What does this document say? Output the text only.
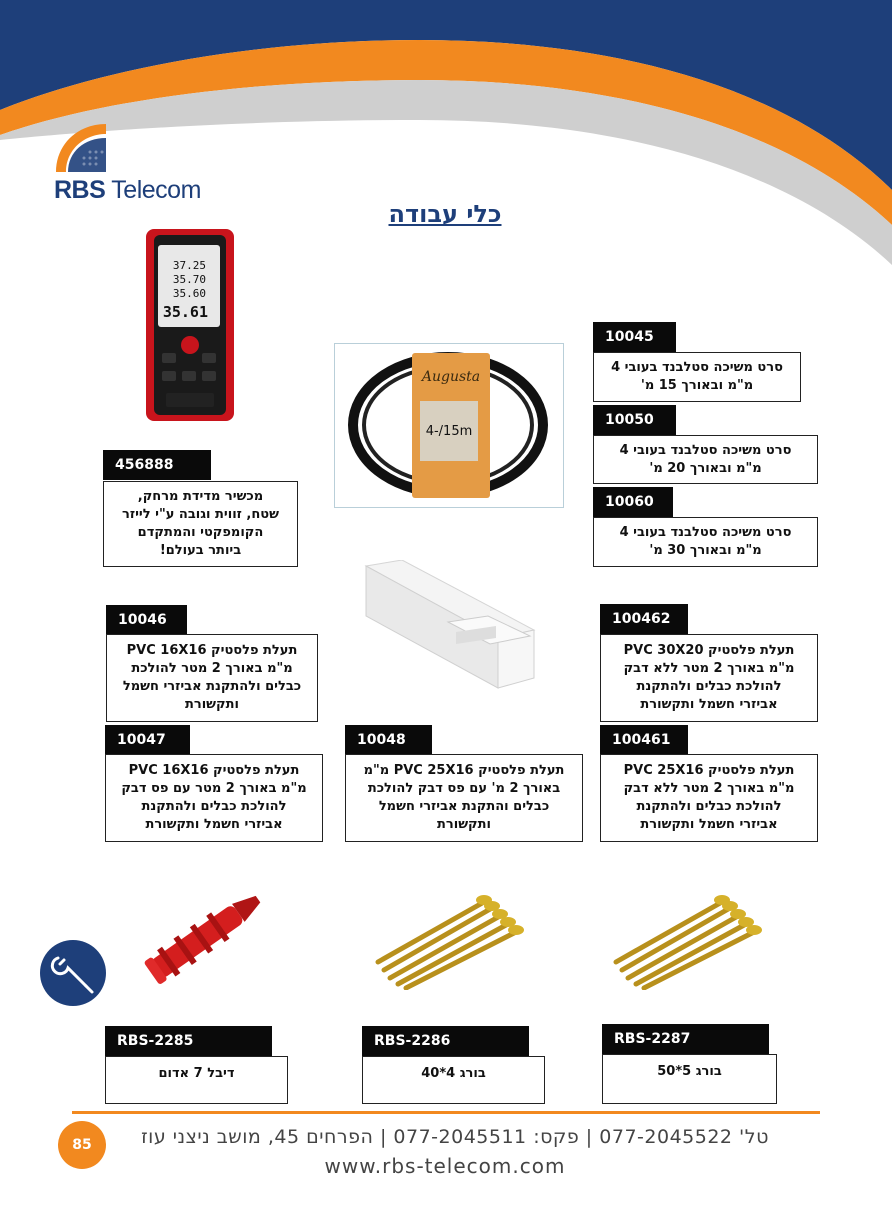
RBS Telecom
כלי עבודה
37.25
35.70
35.60
35.61
Augusta
4-/15m
456888
מכשיר מדידת מרחק,
שטח, זווית וגובה ע"י לייזר
הקומפקטי והמתקדם
ביותר בעולם!
10045
סרט משיכה סטלבנד בעובי 4
מ"מ ובאורך 15 מ'
10050
סרט משיכה סטלבנד בעובי 4
מ"מ ובאורך 20 מ'
10060
סרט משיכה סטלבנד בעובי 4
מ"מ ובאורך 30 מ'
10046
תעלת פלסטיק PVC 16X16
מ"מ באורך 2 מטר להולכת
כבלים ולהתקנת אביזרי חשמל
ותקשורת
100462
תעלת פלסטיק PVC 30X20
מ"מ באורך 2 מטר ללא דבק
להולכת כבלים ולהתקנת
אביזרי חשמל ותקשורת
10047
תעלת פלסטיק PVC 16X16
מ"מ באורך 2 מטר עם פס דבק
להולכת כבלים ולהתקנת
אביזרי חשמל ותקשורת
10048
תעלת פלסטיק PVC 25X16 מ"מ
באורך 2 מ' עם פס דבק להולכת
כבלים והתקנת אביזרי חשמל
ותקשורת
100461
תעלת פלסטיק PVC 25X16
מ"מ באורך 2 מטר ללא דבק
להולכת כבלים ולהתקנת
אביזרי חשמל ותקשורת
RBS-2285
דיבל 7 אדום
RBS-2286
בורג 4*40
RBS-2287
בורג 5*50
85	טל' 077-2045522 | פקס: 077-2045511 | הפרחים 45, מושב ניצני עוז
www.rbs-telecom.com
